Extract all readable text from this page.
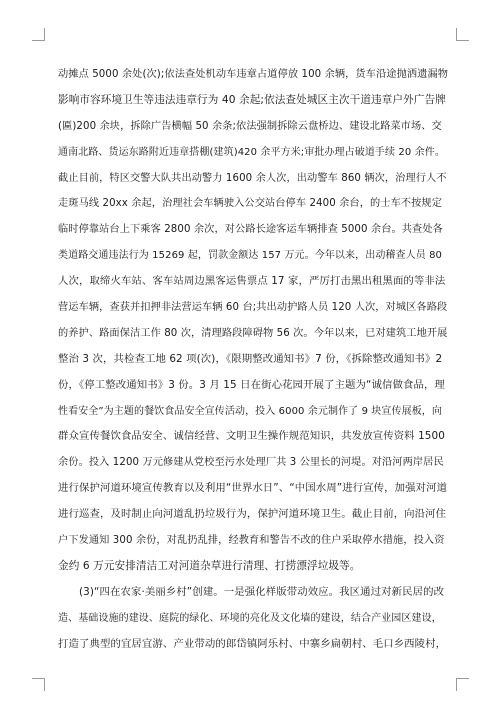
动摊点 5000 余处(次);依法查处机动车违章占道停放 100 余辆，货车沿途抛洒遗漏物
影响市容环境卫生等违法违章行为 40 余起;依法查处城区主次干道违章户外广告牌
(匾)200 余块，拆除广告横幅 50 余条;依法强制拆除云盘桥边、建设北路菜市场、交
通南北路、货运东路附近违章搭棚(建筑)420 余平方米;审批办理占破道手续 20 余件。
截止目前，特区交警大队共出动警力 1600 余人次，出动警车 860 辆次，治理行人不
走斑马线 20xx 余起，治理社会车辆驶入公交站台停车 2400 余台，的士车不按规定
临时停靠站台上下乘客 2800 余次，对公路长途客运车辆排查 5000 余台。共查处各
类道路交通违法行为 15269 起，罚款金额达 157 万元。今年以来，出动稽查人员 80
人次，取缔火车站、客车站周边黑客运售票点 17 家，严厉打击黑出租黑面的等非法
营运车辆，查获并扣押非法营运车辆 60 台;共出动护路人员 120 人次，对城区各路段
的养护、路面保洁工作 80 次，清理路段障碍物 56 次。今年以来，已对建筑工地开展
整治 3 次，共检查工地 62 项(次)，《限期整改通知书》7 份，《拆除整改通知书》2
份，《停工整改通知书》3 份。3 月 15 日在街心花园开展了主题为“诚信做食品，理
性看安全”为主题的餐饮食品安全宣传活动，投入 6000 余元制作了 9 块宣传展板，向
群众宣传餐饮食品安全、诚信经营、文明卫生操作规范知识，共发放宣传资料 1500
余份。投入 1200 万元修建从党校至污水处理厂共 3 公里长的河堤。对沿河两岸居民
进行保护河道环境宣传教育以及利用“世界水日”、“中国水周”进行宣传，加强对河道
进行巡查，及时制止向河道乱扔垃圾行为，保护河道环境卫生。截止目前，向沿河住
户下发通知 300 余份，对乱扔乱排，经教育和警告不改的住户采取停水措施，投入资
金约 6 万元安排清洁工对河道杂草进行清理、打捞漂浮垃圾等。
　　(3)“四在农家·美丽乡村”创建。一是强化样版带动效应。我区通过对新民居的改
造、基础设施的建设、庭院的绿化、环境的亮化及文化墙的建设，结合产业园区建设，
打造了典型的宜居宜游、产业带动的郎岱镇阿乐村、中寨乡扁朝村、毛口乡西陵村，
